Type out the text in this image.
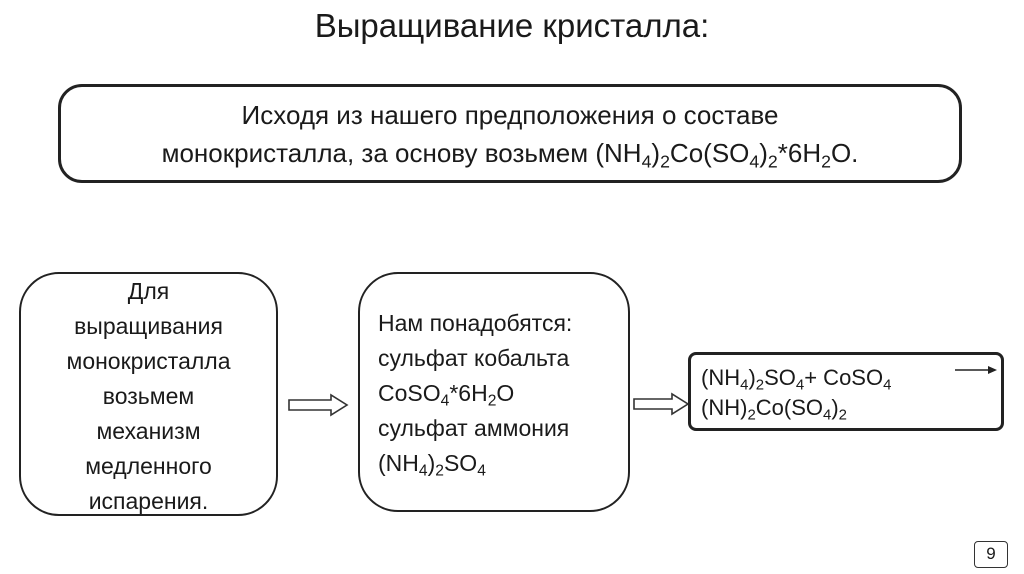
Выращивание кристалла:
Исходя из нашего предположения о составе
монокристалла, за основу возьмем $(NH_4)_2Co(SO_4)_2*6H_2O$.
Для
выращивания
монокристалла
возьмем
механизм
медленного
испарения.
Нам понадобятся:
сульфат кобальта
$CoSO_4*6H_2O$
сульфат аммония
$(NH_4)_2SO_4$
$(NH_4)_2SO_4+$ CoSO$_4$
$(NH)_2Co(SO_4)_2$
9
